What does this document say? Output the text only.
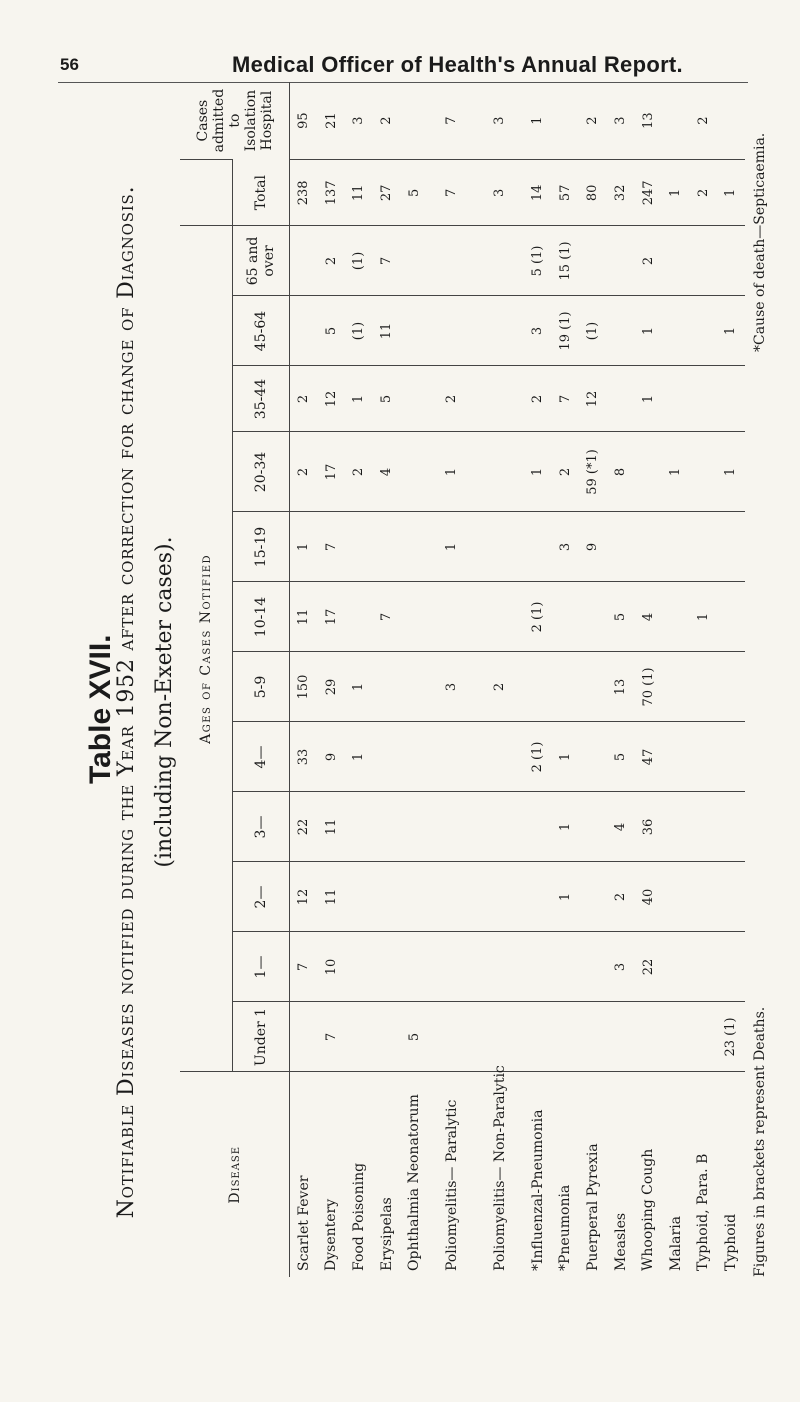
56	Medical Officer of Health's Annual Report.
Table XVII.
Notifiable Diseases notified during the Year 1952 after correction for change of Diagnosis. (including Non-Exeter cases).
Disease	Ages of Cases Notified													Cases admitted to Isolation Hospital
	Under 1	1—	2—	3—	4—	5-9	10-14	15-19	20-34	35-44	45-64	65 and over	Total	
Scarlet Fever		7	12	22	33	150	11	1	2	2			238	95
Dysentery	7	10	11	11	9	29	17	7	17	12	5	2	137	21
Food Poisoning					1	1			2	1	(1)	(1)	11	3
Erysipelas							7		4	5	11	7	27	2
Ophthalmia Neonatorum	5												5	
Poliomyelitis— Paralytic						3		1	1	2			7	7
Poliomyelitis— Non-Paralytic						2							3	3
*Influenzal-Pneumonia					2 (1)		2 (1)		1	2	3	5 (1)	14	1
*Pneumonia			1	1	1			3	2	7	19 (1)	15 (1)	57	
Puerperal Pyrexia								9	59 (*1)	12	(1)		80	2
Measles		3	2	4	5	13	5		8				32	3
Whooping Cough		22	40	36	47	70 (1)	4			1	1	2	247	13
Malaria									1				1	
Typhoid, Para. B							1						2	2
Typhoid	23 (1)								1		1		1	
Figures in brackets represent Deaths.
*Cause of death—Septicaemia.
